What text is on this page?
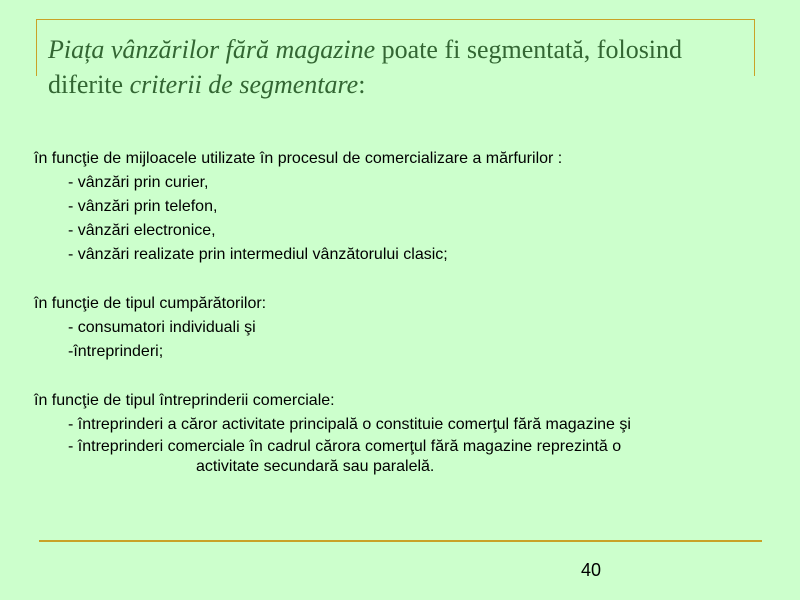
Piața vânzărilor fără magazine poate fi segmentată, folosind diferite criterii de segmentare:
în funcţie de mijloacele utilizate în procesul de comercializare a mărfurilor :
- vânzări prin curier,
- vânzări prin telefon,
- vânzări electronice,
- vânzări realizate prin intermediul vânzătorului clasic;
în funcţie de tipul cumpărătorilor:
- consumatori individuali şi
-întreprinderi;
în funcţie de tipul întreprinderii comerciale:
- întreprinderi a căror activitate principală o constituie comerţul fără magazine şi
- întreprinderi comerciale în cadrul cărora comerţul fără magazine reprezintă o
activitate secundară sau paralelă.
40
